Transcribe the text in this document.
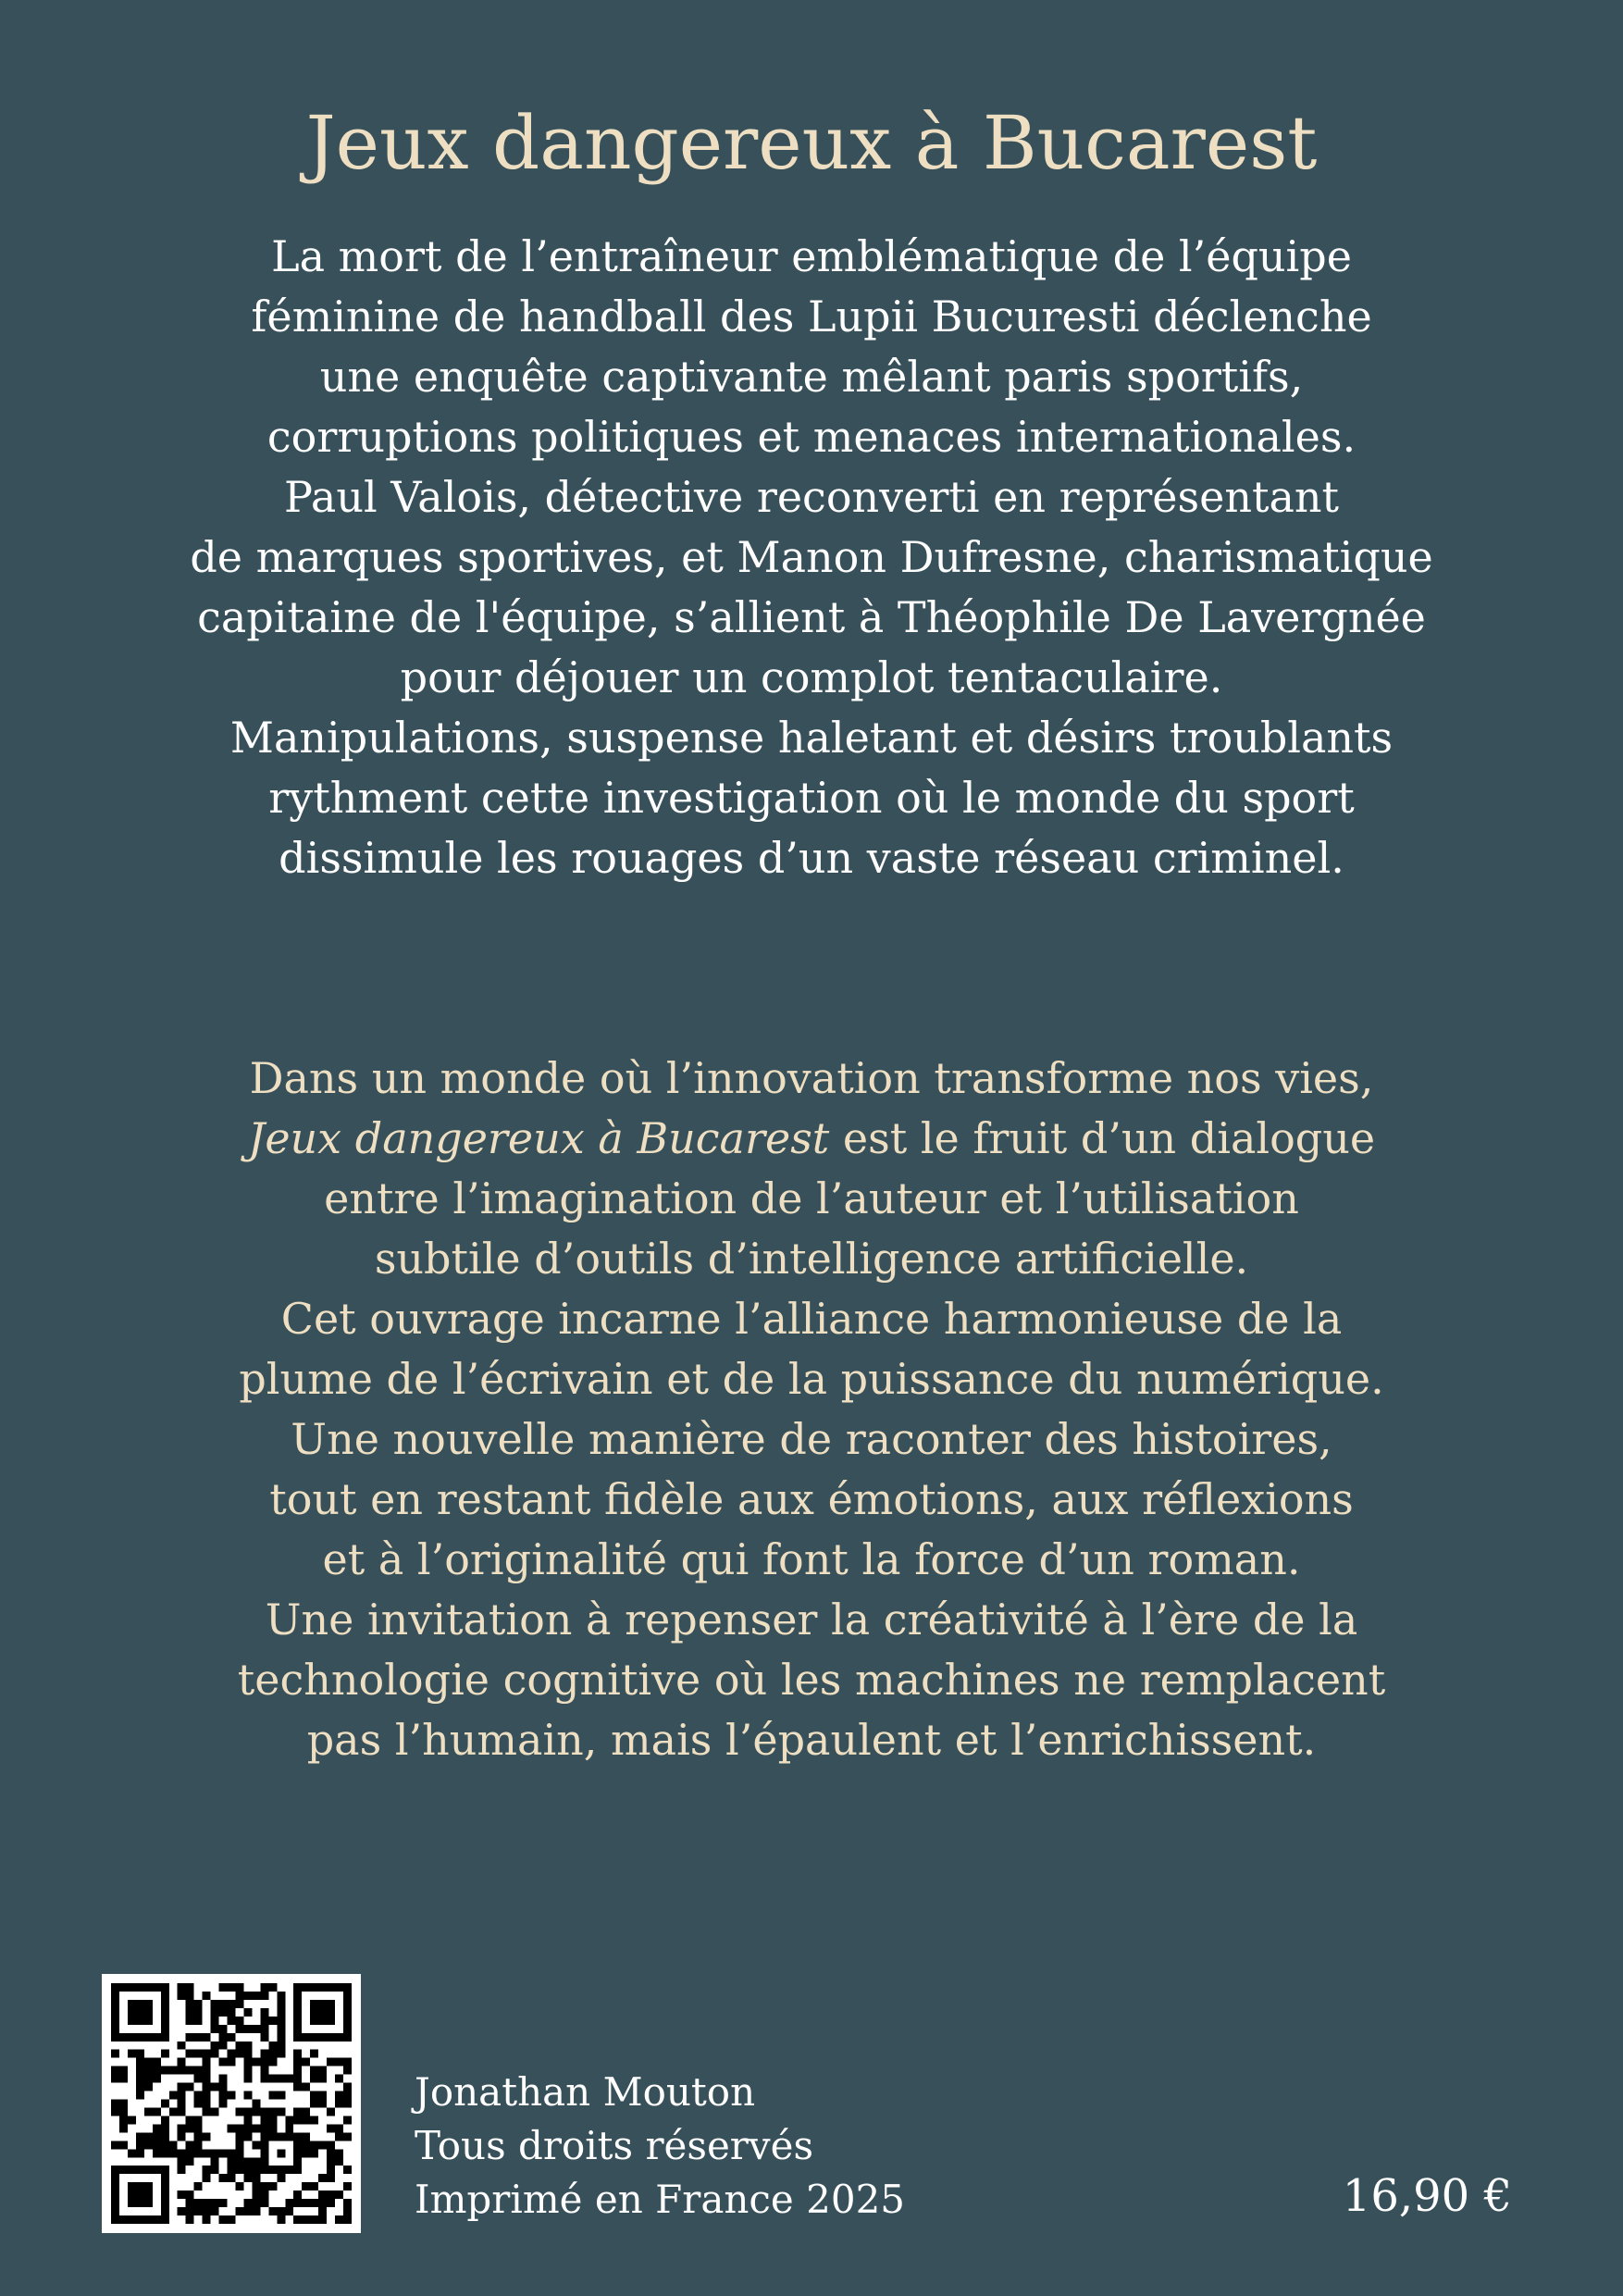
Jeux dangereux à Bucarest
La mort de l’entraîneur emblématique de l’équipe
féminine de handball des Lupii Bucuresti déclenche
une enquête captivante mêlant paris sportifs,
corruptions politiques et menaces internationales.
Paul Valois, détective reconverti en représentant
de marques sportives, et Manon Dufresne, charismatique
capitaine de l'équipe, s’allient à Théophile De Lavergnée
pour déjouer un complot tentaculaire.
Manipulations, suspense haletant et désirs troublants
rythment cette investigation où le monde du sport
dissimule les rouages d’un vaste réseau criminel.
Dans un monde où l’innovation transforme nos vies,
Jeux dangereux à Bucarest est le fruit d’un dialogue
entre l’imagination de l’auteur et l’utilisation
subtile d’outils d’intelligence artificielle.
Cet ouvrage incarne l’alliance harmonieuse de la
plume de l’écrivain et de la puissance du numérique.
Une nouvelle manière de raconter des histoires,
tout en restant fidèle aux émotions, aux réflexions
et à l’originalité qui font la force d’un roman.
Une invitation à repenser la créativité à l’ère de la
technologie cognitive où les machines ne remplacent
pas l’humain, mais l’épaulent et l’enrichissent.
Jonathan Mouton
Tous droits réservés
Imprimé en France 2025	16,90 €
